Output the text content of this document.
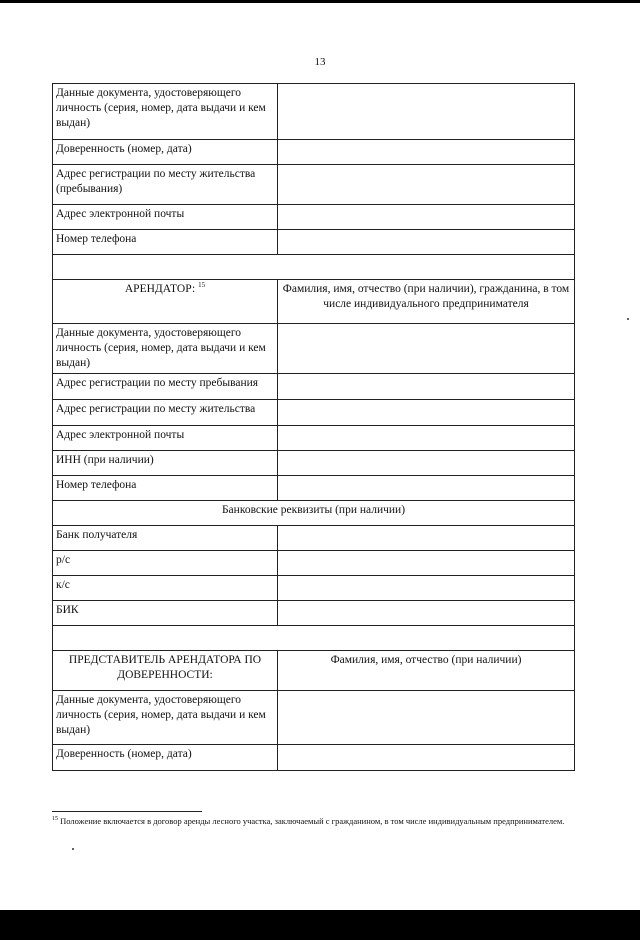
13
Данные документа, удостоверяющего личность (серия, номер, дата выдачи и кем выдан)	
Доверенность (номер, дата)	
Адрес регистрации по месту жительства (пребывания)	
Адрес электронной почты	
Номер телефона	

АРЕНДАТОР: $^{15}$	Фамилия, имя, отчество (при наличии), гражданина, в том числе индивидуального предпринимателя
Данные документа, удостоверяющего личность (серия, номер, дата выдачи и кем выдан)	
Адрес регистрации по месту пребывания	
Адрес регистрации по месту жительства	
Адрес электронной почты	
ИНН (при наличии)	
Номер телефона	
Банковские реквизиты (при наличии)	
Банк получателя	
р/с	
к/с	
БИК	

ПРЕДСТАВИТЕЛЬ АРЕНДАТОРА ПО ДОВЕРЕННОСТИ:	Фамилия, имя, отчество (при наличии)
Данные документа, удостоверяющего личность (серия, номер, дата выдачи и кем выдан)	
Доверенность (номер, дата)	
$^{15}$ Положение включается в договор аренды лесного участка, заключаемый с гражданином, в том числе индивидуальным предпринимателем.
